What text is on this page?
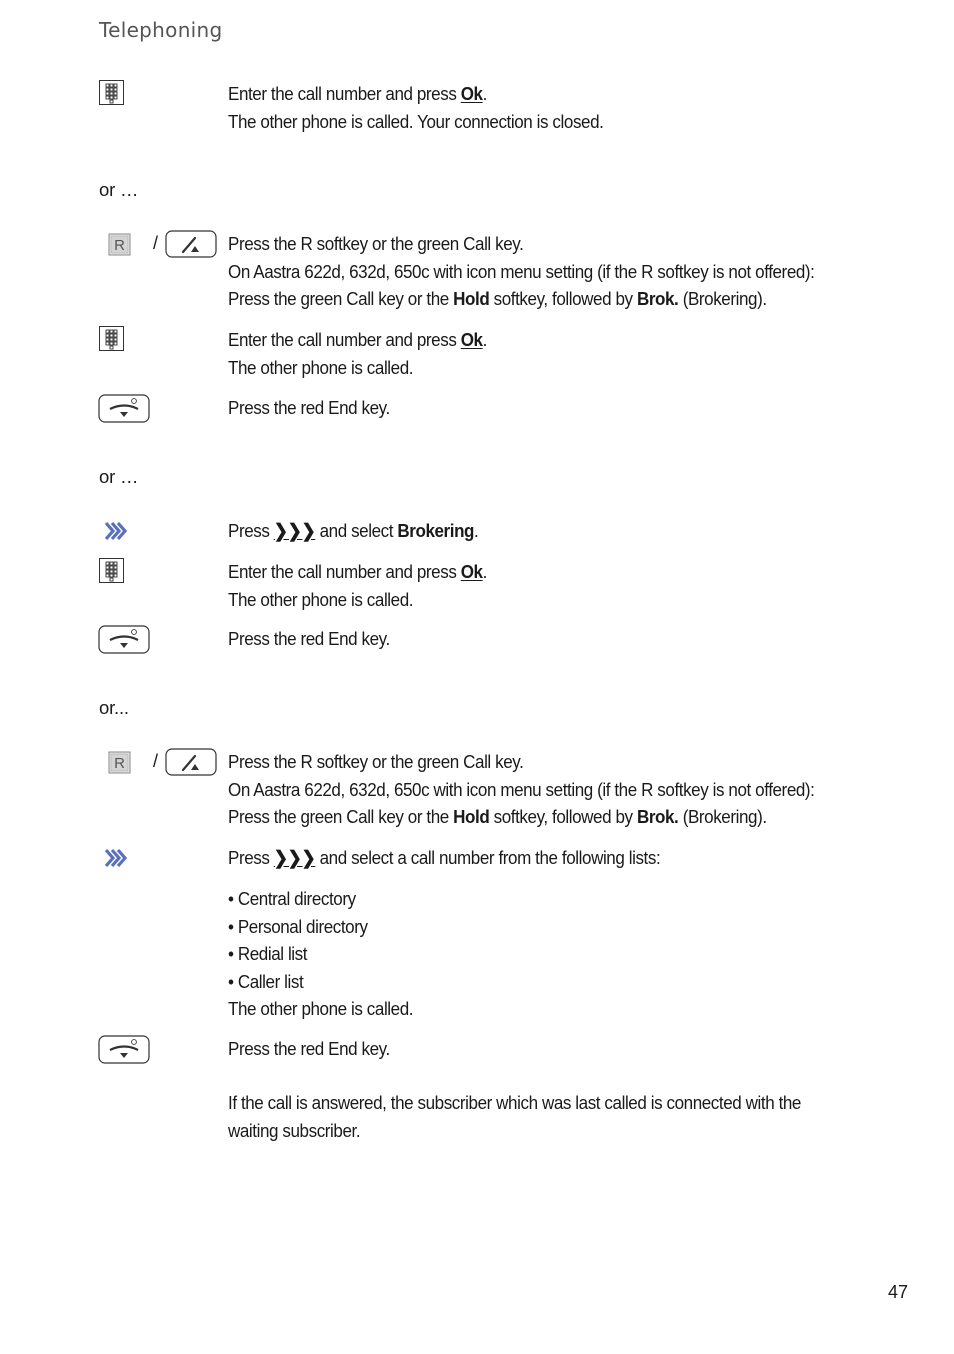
Telephoning
Enter the call number and press Ok.
The other phone is called. Your connection is closed.
or …
/	Press the R softkey or the green Call key.
On Aastra 622d, 632d, 650c with icon menu setting (if the R softkey is not offered):
Press the green Call key or the Hold softkey, followed by Brok. (Brokering).
Enter the call number and press Ok.
The other phone is called.
Press the red End key.
or …
Press ❯❯❯ and select Brokering.
Enter the call number and press Ok.
The other phone is called.
Press the red End key.
or...
/	Press the R softkey or the green Call key.
On Aastra 622d, 632d, 650c with icon menu setting (if the R softkey is not offered):
Press the green Call key or the Hold softkey, followed by Brok. (Brokering).
Press ❯❯❯ and select a call number from the following lists:
• Central directory
• Personal directory
• Redial list
• Caller list
The other phone is called.
Press the red End key.
If the call is answered, the subscriber which was last called is connected with the
waiting subscriber.
47
